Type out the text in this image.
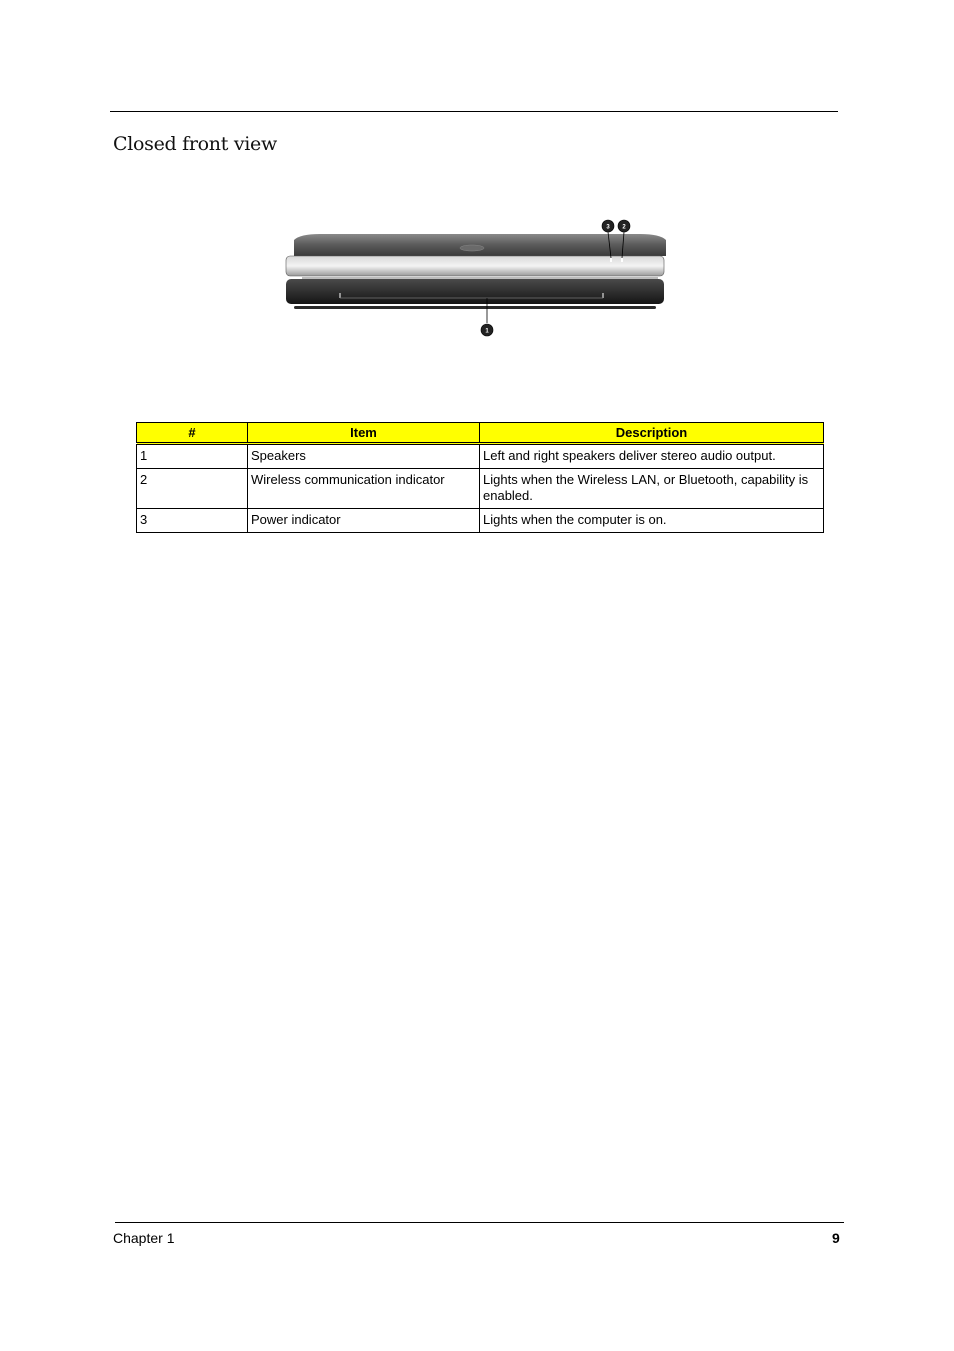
Closed front view
3 2
1
#	Item	Description
1	Speakers	Left and right speakers deliver stereo audio output.
2	Wireless communication indicator	Lights when the Wireless LAN, or Bluetooth, capability is enabled.
3	Power indicator	Lights when the computer is on.
Chapter 1	9
